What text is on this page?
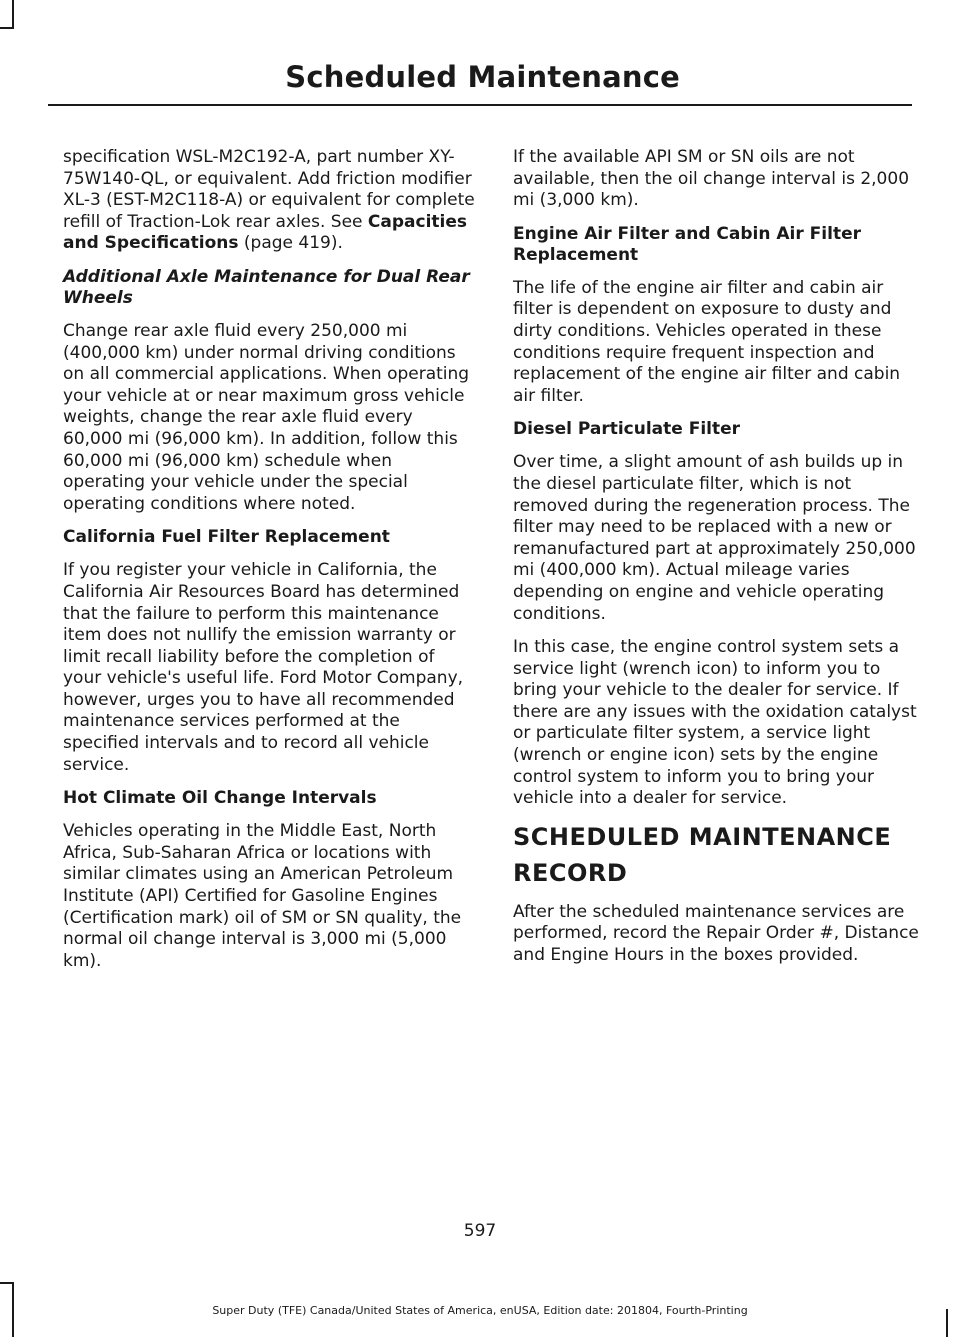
Scheduled Maintenance

specification WSL-M2C192-A, part number XY-75W140-QL, or equivalent. Add friction modifier XL-3 (EST-M2C118-A) or equivalent for complete refill of Traction-Lok rear axles. See Capacities and Specifications (page 419).

Additional Axle Maintenance for Dual Rear Wheels

Change rear axle fluid every 250,000 mi (400,000 km) under normal driving conditions on all commercial applications. When operating your vehicle at or near maximum gross vehicle weights, change the rear axle fluid every 60,000 mi (96,000 km). In addition, follow this 60,000 mi (96,000 km) schedule when operating your vehicle under the special operating conditions where noted.

California Fuel Filter Replacement

If you register your vehicle in California, the California Air Resources Board has determined that the failure to perform this maintenance item does not nullify the emission warranty or limit recall liability before the completion of your vehicle's useful life. Ford Motor Company, however, urges you to have all recommended maintenance services performed at the specified intervals and to record all vehicle service.

Hot Climate Oil Change Intervals

Vehicles operating in the Middle East, North Africa, Sub-Saharan Africa or locations with similar climates using an American Petroleum Institute (API) Certified for Gasoline Engines (Certification mark) oil of SM or SN quality, the normal oil change interval is 3,000 mi (5,000 km).

If the available API SM or SN oils are not available, then the oil change interval is 2,000 mi (3,000 km).

Engine Air Filter and Cabin Air Filter Replacement

The life of the engine air filter and cabin air filter is dependent on exposure to dusty and dirty conditions. Vehicles operated in these conditions require frequent inspection and replacement of the engine air filter and cabin air filter.

Diesel Particulate Filter

Over time, a slight amount of ash builds up in the diesel particulate filter, which is not removed during the regeneration process. The filter may need to be replaced with a new or remanufactured part at approximately 250,000 mi (400,000 km). Actual mileage varies depending on engine and vehicle operating conditions.

In this case, the engine control system sets a service light (wrench icon) to inform you to bring your vehicle to the dealer for service. If there are any issues with the oxidation catalyst or particulate filter system, a service light (wrench or engine icon) sets by the engine control system to inform you to bring your vehicle into a dealer for service.

SCHEDULED MAINTENANCE
RECORD

After the scheduled maintenance services are performed, record the Repair Order #, Distance and Engine Hours in the boxes provided.

597
Super Duty (TFE) Canada/United States of America, enUSA, Edition date: 201804, Fourth-Printing
